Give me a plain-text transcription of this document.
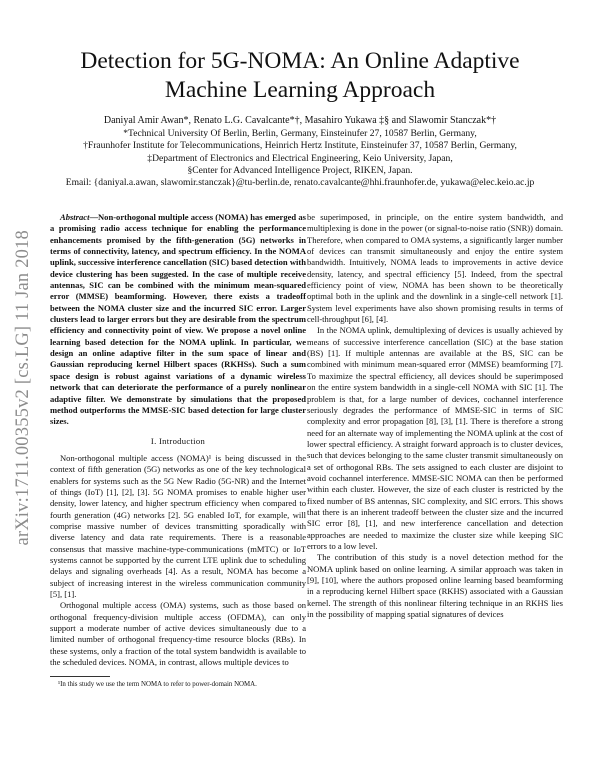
arXiv:1711.00355v2 [cs.LG] 11 Jan 2018
Detection for 5G-NOMA: An Online Adaptive Machine Learning Approach
Daniyal Amir Awan*, Renato L.G. Cavalcante*†, Masahiro Yukawa ‡§ and Slawomir Stanczak*†
*Technical University Of Berlin, Berlin, Germany, Einsteinufer 27, 10587 Berlin, Germany,
†Fraunhofer Institute for Telecommunications, Heinrich Hertz Institute, Einsteinufer 37, 10587 Berlin, Germany,
‡Department of Electronics and Electrical Engineering, Keio University, Japan,
§Center for Advanced Intelligence Project, RIKEN, Japan.
Email: {daniyal.a.awan, slawomir.stanczak}@tu-berlin.de, renato.cavalcante@hhi.fraunhofer.de, yukawa@elec.keio.ac.jp

Abstract—Non-orthogonal multiple access (NOMA) has emerged as a promising radio access technique for enabling the performance enhancements promised by the fifth-generation (5G) networks in terms of connectivity, latency, and spectrum efficiency. In the NOMA uplink, successive interference cancellation (SIC) based detection with device clustering has been suggested. In the case of multiple receive antennas, SIC can be combined with the minimum mean-squared error (MMSE) beamforming. However, there exists a tradeoff between the NOMA cluster size and the incurred SIC error. Larger clusters lead to larger errors but they are desirable from the spectrum efficiency and connectivity point of view. We propose a novel online learning based detection for the NOMA uplink. In particular, we design an online adaptive filter in the sum space of linear and Gaussian reproducing kernel Hilbert spaces (RKHSs). Such a sum space design is robust against variations of a dynamic wireless network that can deteriorate the performance of a purely nonlinear adaptive filter. We demonstrate by simulations that the proposed method outperforms the MMSE-SIC based detection for large cluster sizes.

I. Introduction

Non-orthogonal multiple access (NOMA)¹ is being discussed in the context of fifth generation (5G) networks as one of the key technological enablers for systems such as the 5G New Radio (5G-NR) and the Internet of things (IoT) [1], [2], [3]. 5G NOMA promises to enable higher user density, lower latency, and higher spectrum efficiency when compared to fourth generation (4G) networks [2]. 5G enabled IoT, for example, will comprise massive number of devices transmitting sporadically with diverse latency and data rate requirements. There is a reasonable consensus that massive machine-type-communications (mMTC) or IoT systems cannot be supported by the current LTE uplink due to scheduling delays and signaling overheads [4]. As a result, NOMA has become a subject of increasing interest in the wireless communication community [5], [1].

Orthogonal multiple access (OMA) systems, such as those based on orthogonal frequency-division multiple access (OFDMA), can only support a moderate number of active devices simultaneously due to a limited number of orthogonal frequency-time resource blocks (RBs). In these systems, only a fraction of the total system bandwidth is available to the scheduled devices. NOMA, in contrast, allows multiple devices to

¹In this study we use the term NOMA to refer to power-domain NOMA.

be superimposed, in principle, on the entire system bandwidth, and multiplexing is done in the power (or signal-to-noise ratio (SNR)) domain. Therefore, when compared to OMA systems, a significantly larger number of devices can transmit simultaneously and enjoy the entire system bandwidth. Intuitively, NOMA leads to improvements in active device density, latency, and spectral efficiency [5]. Indeed, from the spectral efficiency point of view, NOMA has been shown to be theoretically optimal both in the uplink and the downlink in a single-cell network [1]. System level experiments have also shown promising results in terms of cell-throughput [6], [4].

In the NOMA uplink, demultiplexing of devices is usually achieved by means of successive interference cancellation (SIC) at the base station (BS) [1]. If multiple antennas are available at the BS, SIC can be combined with minimum mean-squared error (MMSE) beamforming [7]. To maximize the spectral efficiency, all devices should be superimposed on the entire system bandwidth in a single-cell NOMA with SIC [1]. The problem is that, for a large number of devices, cochannel interference seriously degrades the performance of MMSE-SIC in terms of SIC complexity and error propagation [8], [3], [1]. There is therefore a strong need for an alternate way of implementing the NOMA uplink at the cost of lower spectral efficiency. A straight forward approach is to cluster devices, such that devices belonging to the same cluster transmit simultaneously on a set of orthogonal RBs. The sets assigned to each cluster are disjoint to avoid cochannel interference. MMSE-SIC NOMA can then be performed within each cluster. However, the size of each cluster is restricted by the fixed number of BS antennas, SIC complexity, and SIC errors. This shows that there is an inherent tradeoff between the cluster size and the incurred SIC error [8], [1], and new interference cancellation and detection approaches are needed to maximize the cluster size while keeping SIC errors to a low level.

The contribution of this study is a novel detection method for the NOMA uplink based on online learning. A similar approach was taken in [9], [10], where the authors proposed online learning based beamforming in a reproducing kernel Hilbert space (RKHS) associated with a Gaussian kernel. The strength of this nonlinear filtering technique in an RKHS lies in the possibility of mapping spatial signatures of devices
